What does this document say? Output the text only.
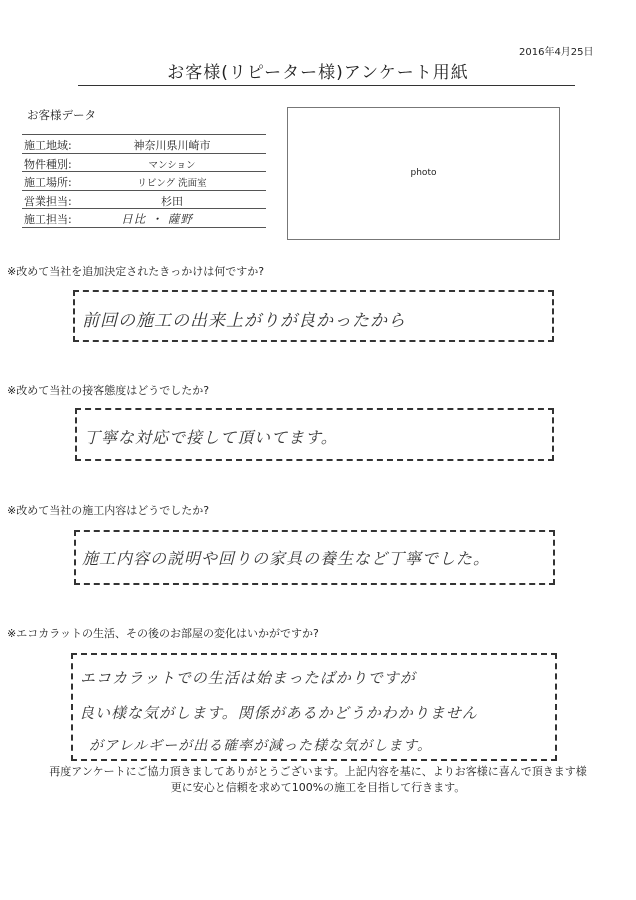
2016年4月25日
お客様(リピーター様)アンケート用紙
お客様データ
施工地域:	神奈川県川崎市
物件種別:	マンション
施工場所:	リビング 洗面室
営業担当:	杉田
施工担当:	日比 ・ 薩野
photo
※改めて当社を追加決定されたきっかけは何ですか?
前回の施工の出来上がりが良かったから
※改めて当社の接客態度はどうでしたか?
丁寧な対応で接して頂いてます。
※改めて当社の施工内容はどうでしたか?
施工内容の説明や回りの家具の養生など丁寧でした。
※エコカラットの生活、その後のお部屋の変化はいかがですか?
エコカラットでの生活は始まったばかりですが
良い様な気がします。関係があるかどうかわかりません
がアレルギーが出る確率が減った様な気がします。
再度アンケートにご協力頂きましてありがとうございます。上記内容を基に、よりお客様に喜んで頂きます様
更に安心と信頼を求めて100%の施工を目指して行きます。
